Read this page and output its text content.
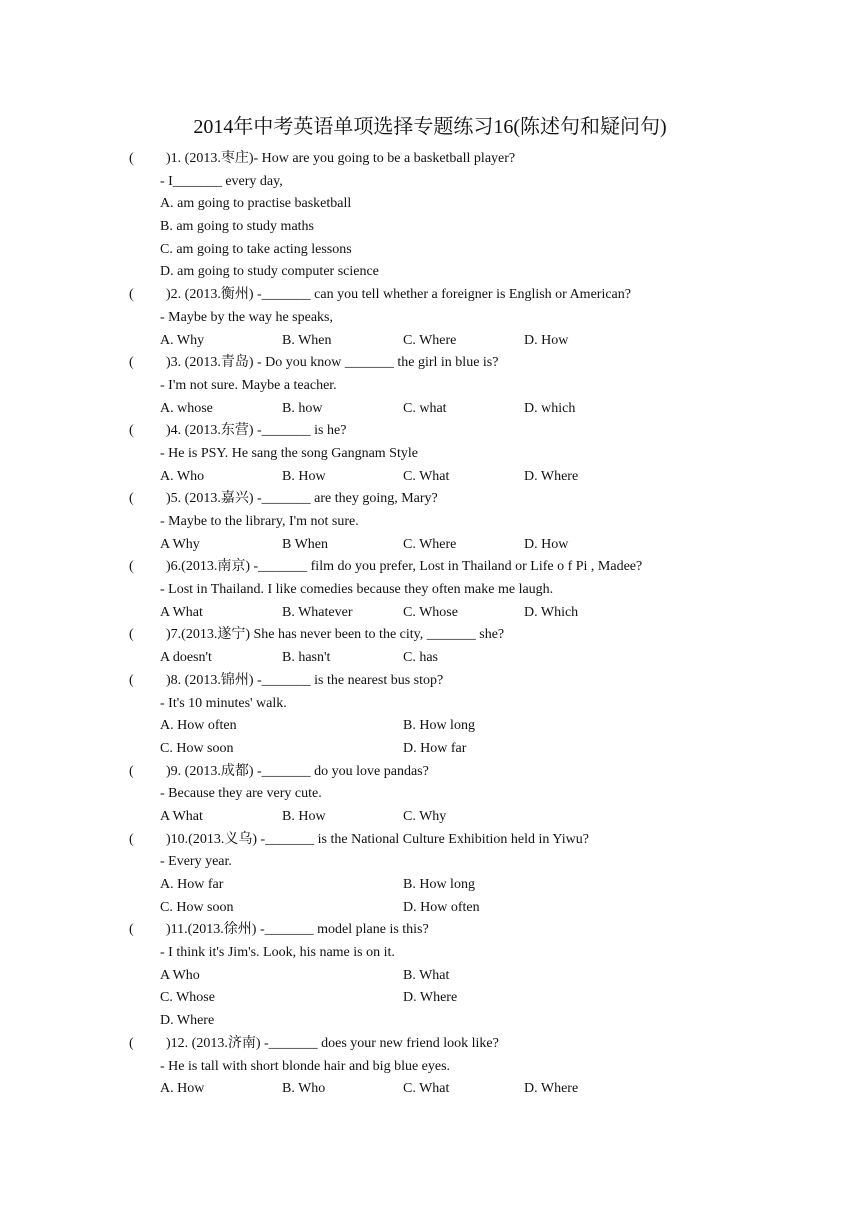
2014年中考英语单项选择专题练习16(陈述句和疑问句)
( )1. (2013.枣庄)- How are you going to be a basketball player?
- I_______ every day,
A. am going to practise basketball
B. am going to study maths
C. am going to take acting lessons
D. am going to study computer science
( )2. (2013.衡州) -_______ can you tell whether a foreigner is English or American?
- Maybe by the way he speaks,
A. Why	B. When	C. Where	D. How
( )3. (2013.青岛) - Do you know _______ the girl in blue is?
- I'm not sure. Maybe a teacher.
A. whose	B. how	C. what	D. which
( )4. (2013.东营) -_______ is he?
- He is PSY. He sang the song Gangnam Style
A. Who	B. How	C. What	D. Where
( )5. (2013.嘉兴) -_______ are they going, Mary?
- Maybe to the library, I'm not sure.
A Why	B When	C. Where	D. How
( )6.(2013.南京) -_______ film do you prefer, Lost in Thailand or Life o f Pi , Madee?
- Lost in Thailand. I like comedies because they often make me laugh.
A What	B. Whatever	C. Whose	D. Which
( )7.(2013.遂宁) She has never been to the city, _______ she?
A doesn't	B. hasn't	C. has
( )8. (2013.锦州) -_______ is the nearest bus stop?
- It's 10 minutes' walk.
A. How often	B. How long
C. How soon	D. How far
( )9. (2013.成都) -_______ do you love pandas?
- Because they are very cute.
A What	B. How	C. Why
( )10.(2013.义乌) -_______ is the National Culture Exhibition held in Yiwu?
- Every year.
A. How far	B. How long
C. How soon	D. How often
( )11.(2013.徐州) -_______ model plane is this?
- I think it's Jim's. Look, his name is on it.
A Who	B. What
C. Whose	D. Where
D. Where
( )12. (2013.济南) -_______ does your new friend look like?
- He is tall with short blonde hair and big blue eyes.
A. How	B. Who	C. What	D. Where
